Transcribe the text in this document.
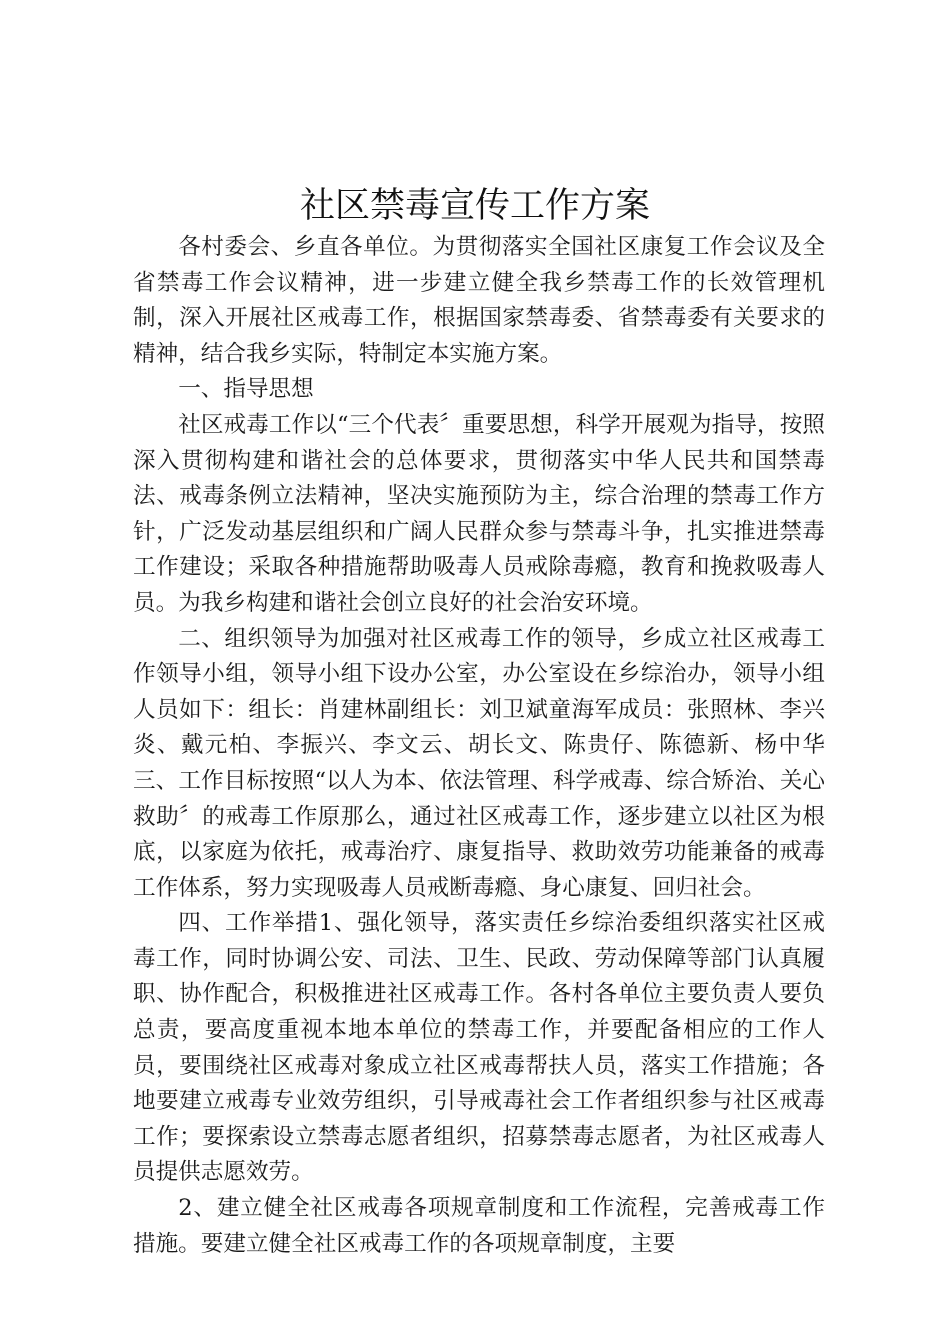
社区禁毒宣传工作方案

各村委会、乡直各单位。为贯彻落实全国社区康复工作会议及全省禁毒工作会议精神，进一步建立健全我乡禁毒工作的长效管理机制，深入开展社区戒毒工作，根据国家禁毒委、省禁毒委有关要求的精神，结合我乡实际，特制定本实施方案。

一、指导思想

社区戒毒工作以“三个代表〞重要思想，科学开展观为指导，按照深入贯彻构建和谐社会的总体要求，贯彻落实中华人民共和国禁毒法、戒毒条例立法精神，坚决实施预防为主，综合治理的禁毒工作方针，广泛发动基层组织和广阔人民群众参与禁毒斗争，扎实推进禁毒工作建设；采取各种措施帮助吸毒人员戒除毒瘾，教育和挽救吸毒人员。为我乡构建和谐社会创立良好的社会治安环境。

二、组织领导为加强对社区戒毒工作的领导，乡成立社区戒毒工作领导小组，领导小组下设办公室，办公室设在乡综治办，领导小组人员如下：组长：肖建林副组长：刘卫斌童海军成员：张照林、李兴炎、戴元柏、李振兴、李文云、胡长文、陈贵仔、陈德新、杨中华三、工作目标按照“以人为本、依法管理、科学戒毒、综合矫治、关心救助〞的戒毒工作原那么，通过社区戒毒工作，逐步建立以社区为根底，以家庭为依托，戒毒治疗、康复指导、救助效劳功能兼备的戒毒工作体系，努力实现吸毒人员戒断毒瘾、身心康复、回归社会。

四、工作举措1、强化领导，落实责任乡综治委组织落实社区戒毒工作，同时协调公安、司法、卫生、民政、劳动保障等部门认真履职、协作配合，积极推进社区戒毒工作。各村各单位主要负责人要负总责，要高度重视本地本单位的禁毒工作，并要配备相应的工作人员，要围绕社区戒毒对象成立社区戒毒帮扶人员，落实工作措施；各地要建立戒毒专业效劳组织，引导戒毒社会工作者组织参与社区戒毒工作；要探索设立禁毒志愿者组织，招募禁毒志愿者，为社区戒毒人员提供志愿效劳。

2、建立健全社区戒毒各项规章制度和工作流程，完善戒毒工作措施。要建立健全社区戒毒工作的各项规章制度，主要
